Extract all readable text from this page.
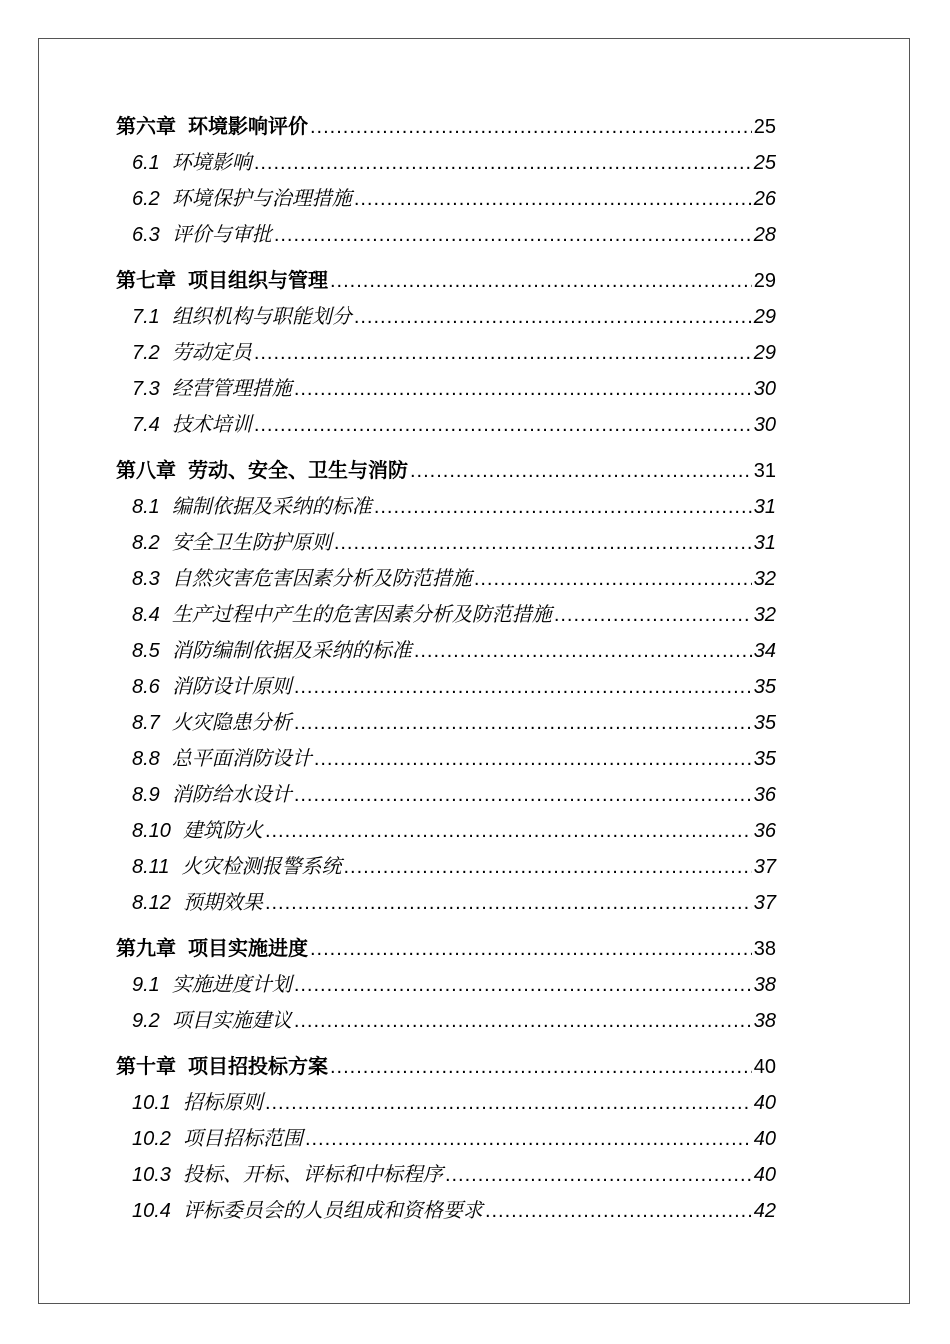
第六章 环境影响评价 .....	25
6.1 环境影响 .....	25
6.2 环境保护与治理措施 .....	26
6.3 评价与审批 .....	28
第七章 项目组织与管理 .....	29
7.1 组织机构与职能划分 .....	29
7.2 劳动定员 .....	29
7.3 经营管理措施 .....	30
7.4 技术培训 .....	30
第八章 劳动、安全、卫生与消防 .....	31
8.1 编制依据及采纳的标准 .....	31
8.2 安全卫生防护原则 .....	31
8.3 自然灾害危害因素分析及防范措施 .....	32
8.4 生产过程中产生的危害因素分析及防范措施 .....	32
8.5 消防编制依据及采纳的标准 .....	34
8.6 消防设计原则 .....	35
8.7 火灾隐患分析 .....	35
8.8 总平面消防设计 .....	35
8.9 消防给水设计 .....	36
8.10 建筑防火 .....	36
8.11 火灾检测报警系统 .....	37
8.12 预期效果 .....	37
第九章 项目实施进度 .....	38
9.1 实施进度计划 .....	38
9.2 项目实施建议 .....	38
第十章 项目招投标方案 .....	40
10.1 招标原则 .....	40
10.2 项目招标范围 .....	40
10.3 投标、开标、评标和中标程序 .....	40
10.4 评标委员会的人员组成和资格要求 .....	42
